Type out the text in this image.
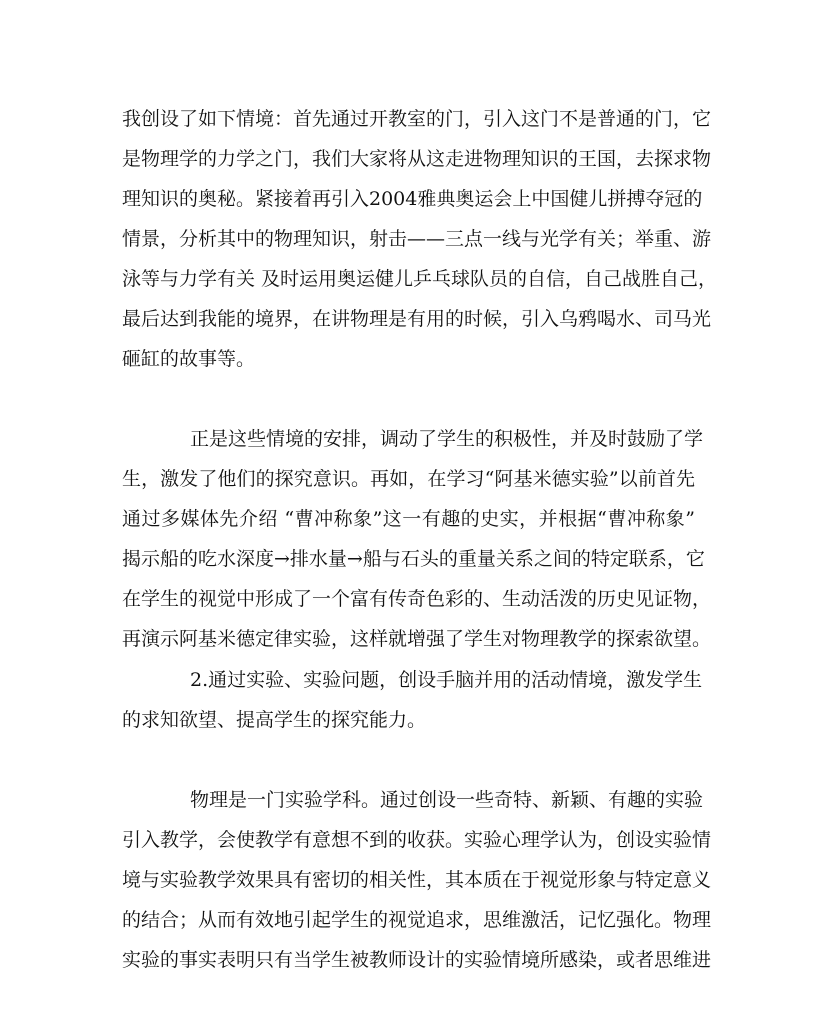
我创设了如下情境：首先通过开教室的门，引入这门不是普通的门，它
是物理学的力学之门，我们大家将从这走进物理知识的王国，去探求物
理知识的奥秘。紧接着再引入2004雅典奥运会上中国健儿拼搏夺冠的
情景，分析其中的物理知识，射击——三点一线与光学有关；举重、游
泳等与力学有关 及时运用奥运健儿乒乓球队员的自信，自己战胜自己，
最后达到我能的境界，在讲物理是有用的时候，引入乌鸦喝水、司马光
砸缸的故事等。
正是这些情境的安排，调动了学生的积极性，并及时鼓励了学
生，激发了他们的探究意识。再如，在学习“阿基米德实验”以前首先
通过多媒体先介绍 “曹冲称象”这一有趣的史实，并根据“曹冲称象”
揭示船的吃水深度→排水量→船与石头的重量关系之间的特定联系，它
在学生的视觉中形成了一个富有传奇色彩的、生动活泼的历史见证物，
再演示阿基米德定律实验，这样就增强了学生对物理教学的探索欲望。
2.通过实验、实验问题，创设手脑并用的活动情境，激发学生
的求知欲望、提高学生的探究能力。
物理是一门实验学科。通过创设一些奇特、新颖、有趣的实验
引入教学，会使教学有意想不到的收获。实验心理学认为，创设实验情
境与实验教学效果具有密切的相关性，其本质在于视觉形象与特定意义
的结合；从而有效地引起学生的视觉追求，思维激活，记忆强化。物理
实验的事实表明只有当学生被教师设计的实验情境所感染，或者思维进
